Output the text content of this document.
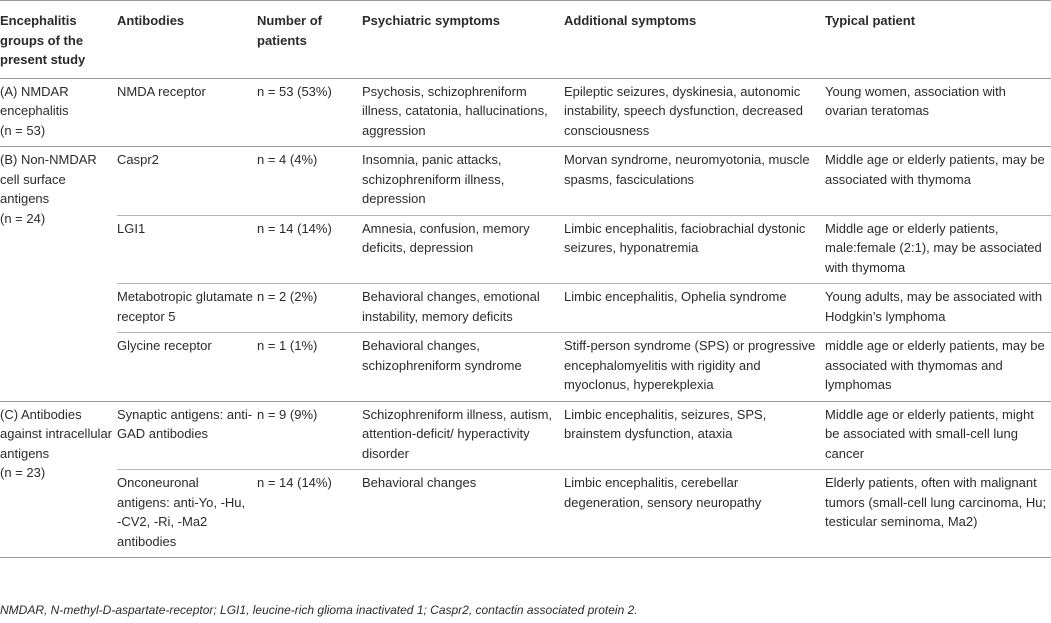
Encephalitis groups of the present study	Antibodies	Number of patients	Psychiatric symptoms	Additional symptoms	Typical patient

(A) NMDAR encephalitis
(n = 53)	NMDA receptor	n = 53 (53%)	Psychosis, schizophreniform illness, catatonia, hallucinations, aggression	Epileptic seizures, dyskinesia, autonomic instability, speech dysfunction, decreased consciousness	Young women, association with ovarian teratomas

(B) Non-NMDAR cell surface antigens
(n = 24)	Caspr2	n = 4 (4%)	Insomnia, panic attacks, schizophreniform illness, depression	Morvan syndrome, neuromyotonia, muscle spasms, fasciculations	Middle age or elderly patients, may be associated with thymoma
	LGI1	n = 14 (14%)	Amnesia, confusion, memory deficits, depression	Limbic encephalitis, faciobrachial dystonic seizures, hyponatremia	Middle age or elderly patients, male:female (2:1), may be associated with thymoma
	Metabotropic glutamate receptor 5	n = 2 (2%)	Behavioral changes, emotional instability, memory deficits	Limbic encephalitis, Ophelia syndrome	Young adults, may be associated with Hodgkin’s lymphoma
	Glycine receptor	n = 1 (1%)	Behavioral changes, schizophreniform syndrome	Stiff-person syndrome (SPS) or progressive encephalomyelitis with rigidity and myoclonus, hyperekplexia	middle age or elderly patients, may be associated with thymomas and lymphomas

(C) Antibodies against intracellular antigens
(n = 23)	Synaptic antigens: anti-GAD antibodies	n = 9 (9%)	Schizophreniform illness, autism, attention-deficit/ hyperactivity disorder	Limbic encephalitis, seizures, SPS, brainstem dysfunction, ataxia	Middle age or elderly patients, might be associated with small-cell lung cancer
	Onconeuronal antigens: anti-Yo, -Hu, -CV2, -Ri, -Ma2 antibodies	n = 14 (14%)	Behavioral changes	Limbic encephalitis, cerebellar degeneration, sensory neuropathy	Elderly patients, often with malignant tumors (small-cell lung carcinoma, Hu; testicular seminoma, Ma2)
NMDAR, N-methyl-D-aspartate-receptor; LGI1, leucine-rich glioma inactivated 1; Caspr2, contactin associated protein 2.
